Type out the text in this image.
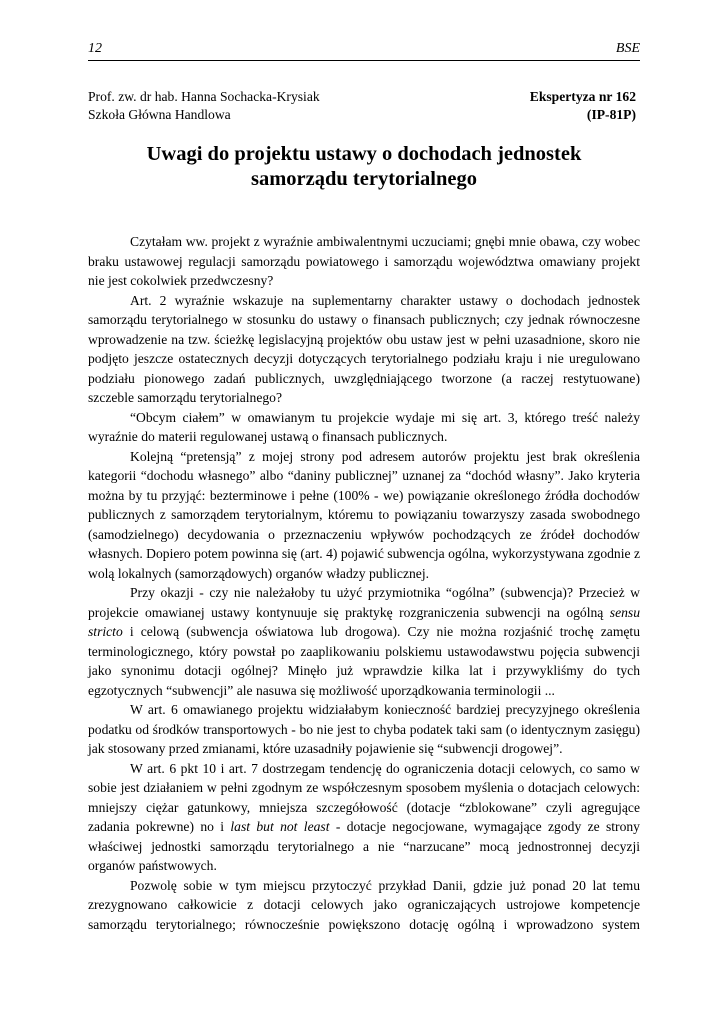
12	BSE
Prof. zw. dr hab. Hanna Sochacka-Krysiak	Ekspertyza nr 162
Szkoła Główna Handlowa	(IP-81P)
Uwagi do projektu ustawy o dochodach jednostek
samorządu terytorialnego

Czytałam ww. projekt z wyraźnie ambiwalentnymi uczuciami; gnębi mnie obawa, czy wobec braku ustawowej regulacji samorządu powiatowego i samorządu województwa omawiany projekt nie jest cokolwiek przedwczesny?

Art. 2 wyraźnie wskazuje na suplementarny charakter ustawy o dochodach jednostek samorządu terytorialnego w stosunku do ustawy o finansach publicznych; czy jednak równoczesne wprowadzenie na tzw. ścieżkę legislacyjną projektów obu ustaw jest w pełni uzasadnione, skoro nie podjęto jeszcze ostatecznych decyzji dotyczących terytorialnego podziału kraju i nie uregulowano podziału pionowego zadań publicznych, uwzględniającego tworzone (a raczej restytuowane) szczeble samorządu terytorialnego?

“Obcym ciałem” w omawianym tu projekcie wydaje mi się art. 3, którego treść należy wyraźnie do materii regulowanej ustawą o finansach publicznych.

Kolejną “pretensją” z mojej strony pod adresem autorów projektu jest brak określenia kategorii “dochodu własnego” albo “daniny publicznej” uznanej za “dochód własny”. Jako kryteria można by tu przyjąć: bezterminowe i pełne (100% - we) powiązanie określonego źródła dochodów publicznych z samorządem terytorialnym, któremu to powiązaniu towarzyszy zasada swobodnego (samodzielnego) decydowania o przeznaczeniu wpływów pochodzących ze źródeł dochodów własnych. Dopiero potem powinna się (art. 4) pojawić subwencja ogólna, wykorzystywana zgodnie z wolą lokalnych (samorządowych) organów władzy publicznej.

Przy okazji - czy nie należałoby tu użyć przymiotnika “ogólna” (subwencja)? Przecież w projekcie omawianej ustawy kontynuuje się praktykę rozgraniczenia subwencji na ogólną sensu stricto i celową (subwencja oświatowa lub drogowa). Czy nie można rozjaśnić trochę zamętu terminologicznego, który powstał po zaaplikowaniu polskiemu ustawodawstwu pojęcia subwencji jako synonimu dotacji ogólnej? Minęło już wprawdzie kilka lat i przywykliśmy do tych egzotycznych “subwencji” ale nasuwa się możliwość uporządkowania terminologii ...

W art. 6 omawianego projektu widziałabym konieczność bardziej precyzyjnego określenia podatku od środków transportowych - bo nie jest to chyba podatek taki sam (o identycznym zasięgu) jak stosowany przed zmianami, które uzasadniły pojawienie się “subwencji drogowej”.

W art. 6 pkt 10 i art. 7 dostrzegam tendencję do ograniczenia dotacji celowych, co samo w sobie jest działaniem w pełni zgodnym ze współczesnym sposobem myślenia o dotacjach celowych: mniejszy ciężar gatunkowy, mniejsza szczegółowość (dotacje “zblokowane” czyli agregujące zadania pokrewne) no i last but not least - dotacje negocjowane, wymagające zgody ze strony właściwej jednostki samorządu terytorialnego a nie “narzucane” mocą jednostronnej decyzji organów państwowych.

Pozwolę sobie w tym miejscu przytoczyć przykład Danii, gdzie już ponad 20 lat temu zrezygnowano całkowicie z dotacji celowych jako ograniczających ustrojowe kompetencje samorządu terytorialnego; równocześnie powiększono dotację ogólną i wprowadzono system
